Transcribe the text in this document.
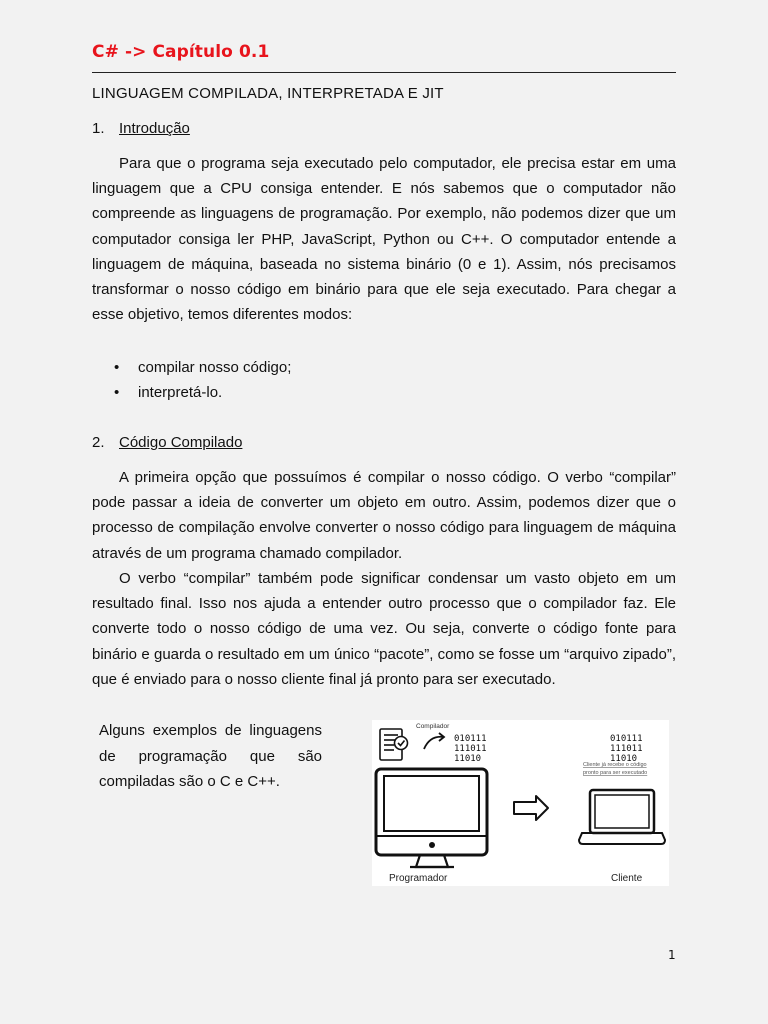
C# -> Capítulo 0.1
LINGUAGEM COMPILADA, INTERPRETADA E JIT
1. Introdução

Para que o programa seja executado pelo computador, ele precisa estar em uma linguagem que a CPU consiga entender. E nós sabemos que o computador não compreende as linguagens de programação. Por exemplo, não podemos dizer que um computador consiga ler PHP, JavaScript, Python ou C++. O computador entende a linguagem de máquina, baseada no sistema binário (0 e 1). Assim, nós precisamos transformar o nosso código em binário para que ele seja executado. Para chegar a esse objetivo, temos diferentes modos:

• compilar nosso código;
• interpretá-lo.
2. Código Compilado

A primeira opção que possuímos é compilar o nosso código. O verbo “compilar” pode passar a ideia de converter um objeto em outro. Assim, podemos dizer que o processo de compilação envolve converter o nosso código para linguagem de máquina através de um programa chamado compilador.

O verbo “compilar” também pode significar condensar um vasto objeto em um resultado final. Isso nos ajuda a entender outro processo que o compilador faz. Ele converte todo o nosso código de uma vez. Ou seja, converte o código fonte para binário e guarda o resultado em um único “pacote”, como se fosse um “arquivo zipado”, que é enviado para o nosso cliente final já pronto para ser executado.

Alguns exemplos de linguagens de programação que são compiladas são o C e C++.

Compilador
010111
111011
11010
Programador
010111
111011
11010
Cliente já recebe o código
pronto para ser executado
Cliente
1
